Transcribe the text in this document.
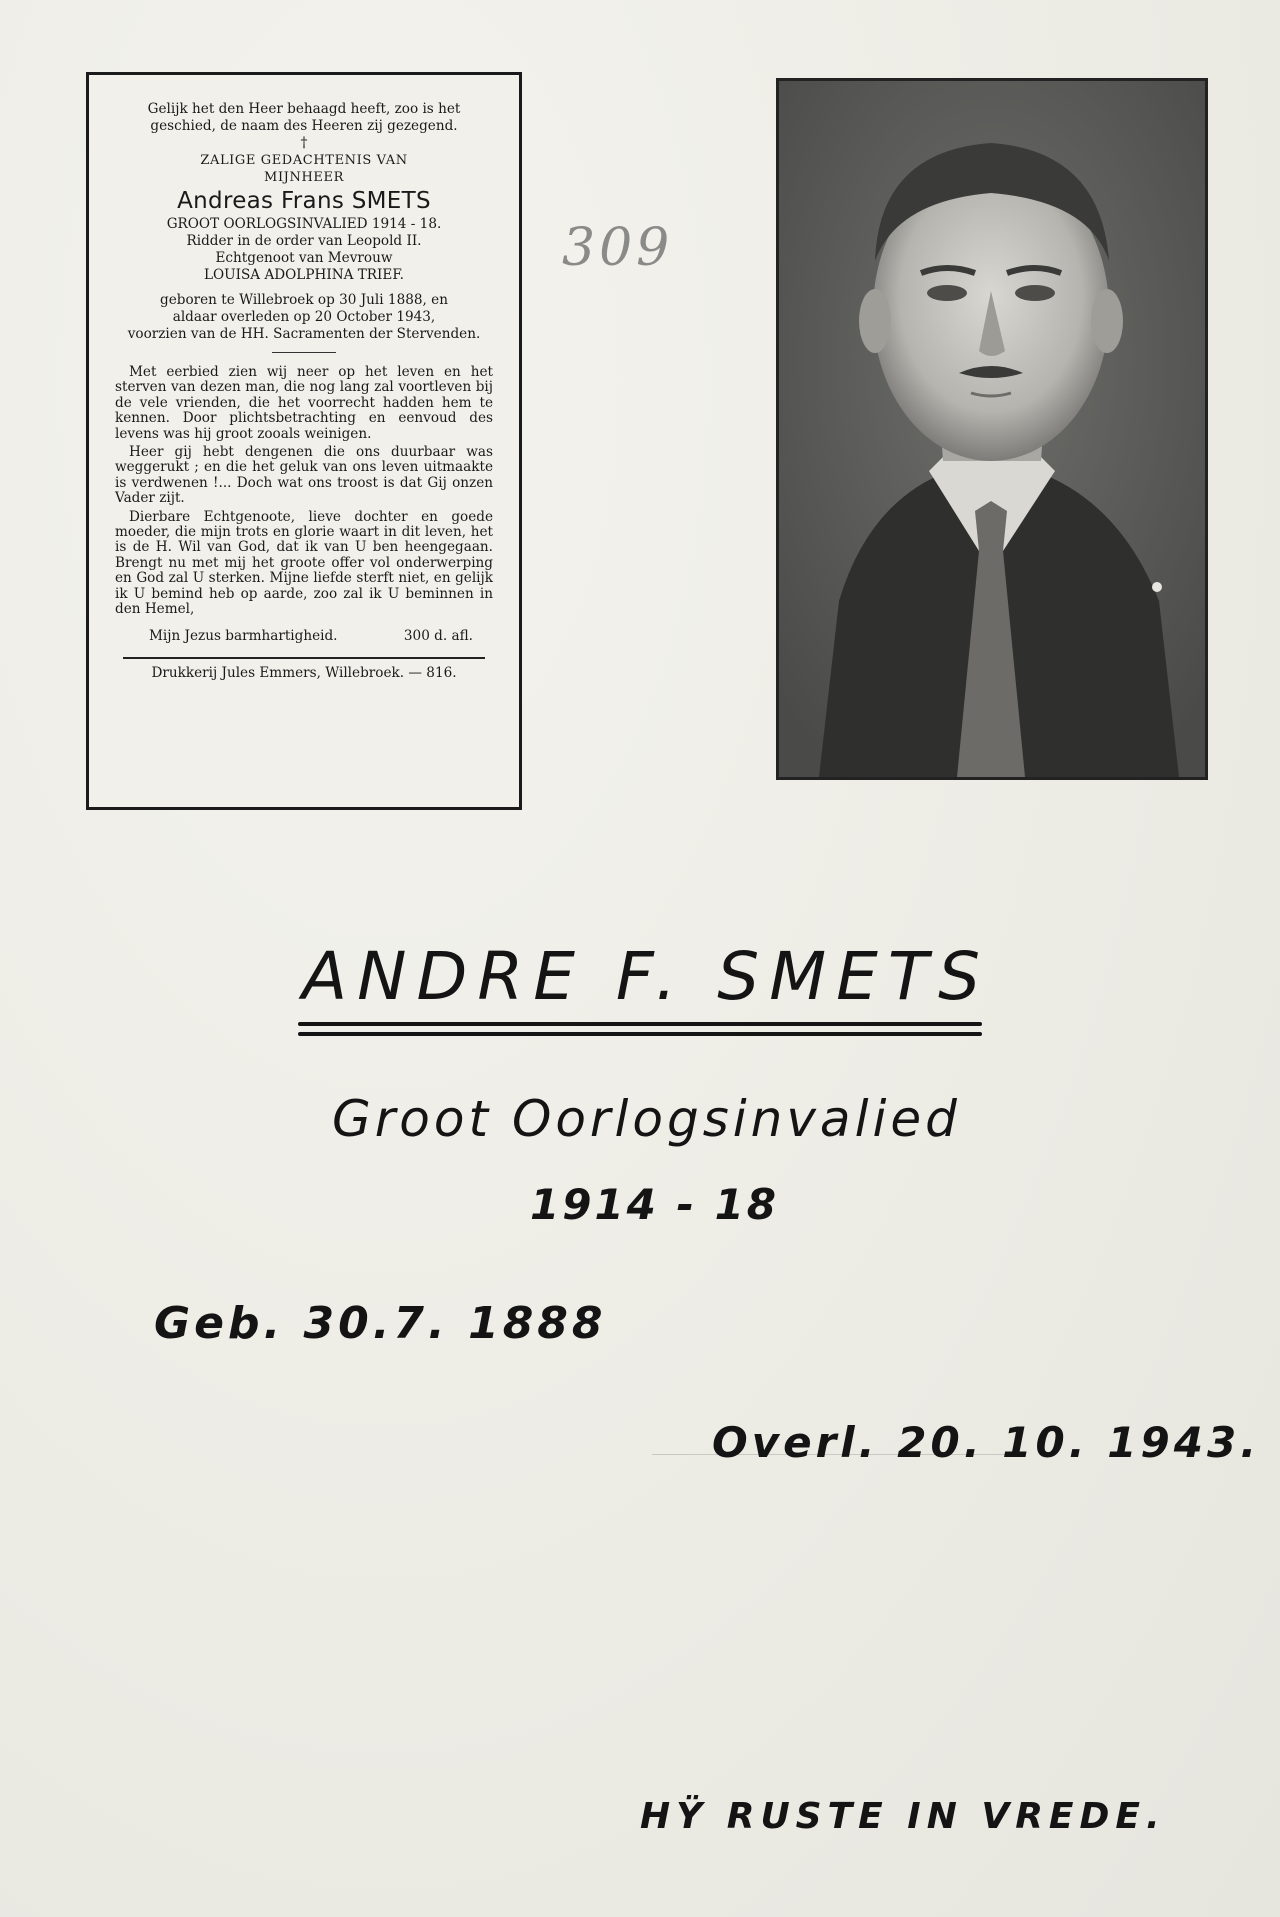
Gelijk het den Heer behaagd heeft, zoo is het geschied, de naam des Heeren zij gezegend.

†

ZALIGE GEDACHTENIS VAN

MIJNHEER

Andreas Frans SMETS

GROOT OORLOGSINVALIED 1914 - 18.

Ridder in de order van Leopold II.

Echtgenoot van Mevrouw

LOUISA ADOLPHINA TRIEF.

geboren te Willebroek op 30 Juli 1888, en

aldaar overleden op 20 October 1943,

voorzien van de HH. Sacramenten der Stervenden.

Met eerbied zien wij neer op het leven en het sterven van dezen man, die nog lang zal voortleven bij de vele vrienden, die het voorrecht hadden hem te kennen. Door plichtsbetrachting en eenvoud des levens was hij groot zooals weinigen.

Heer gij hebt dengenen die ons duurbaar was weggerukt ; en die het geluk van ons leven uitmaakte is verdwenen !... Doch wat ons troost is dat Gij onzen Vader zijt.

Dierbare Echtgenoote, lieve dochter en goede moeder, die mijn trots en glorie waart in dit leven, het is de H. Wil van God, dat ik van U ben heengegaan. Brengt nu met mij het groote offer vol onderwerping en God zal U sterken. Mijne liefde sterft niet, en gelijk ik U bemind heb op aarde, zoo zal ik U beminnen in den Hemel,

Mijn Jezus barmhartigheid.	300 d. afl.

Drukkerij Jules Emmers, Willebroek. — 816.

309
ANDRE F. SMETS
Groot Oorlogsinvalied
1914 - 18
Geb. 30.7. 1888
Overl. 20. 10. 1943.
HŸ RUSTE IN VREDE.
